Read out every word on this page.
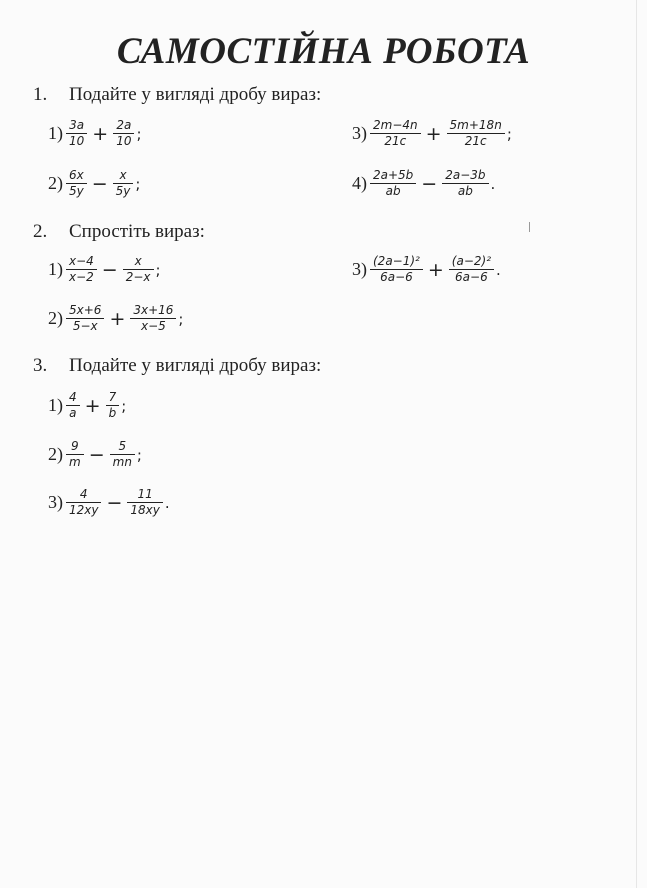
САМОСТІЙНА РОБОТА
1. Подайте у вигляді дробу вираз:
$1) \frac{3a}{10} + \frac{2a}{10}$ ;
$2) \frac{6x}{5y} - \frac{x}{5y}$ ;
$3) \frac{2m-4n}{21c} + \frac{5m+18n}{21c}$ ;
$4) \frac{2a+5b}{ab} - \frac{2a-3b}{ab}$ .
2. Спростіть вираз:
$1) \frac{x-4}{x-2} - \frac{x}{2-x}$ ;
$2) \frac{5x+6}{5-x} + \frac{3x+16}{x-5}$ ;
$3) \frac{\text{(2a−1)²}}{6a-6} + \frac{\text{(a−2)²}}{6a-6}$ .
3. Подайте у вигляді дробу вираз:
$1) \frac{4}{a} + \frac{7}{b}$ ;
$2) \frac{9}{m} - \frac{5}{mn}$ ;
$3) \frac{4}{12xy} - \frac{11}{18xy}$ .
